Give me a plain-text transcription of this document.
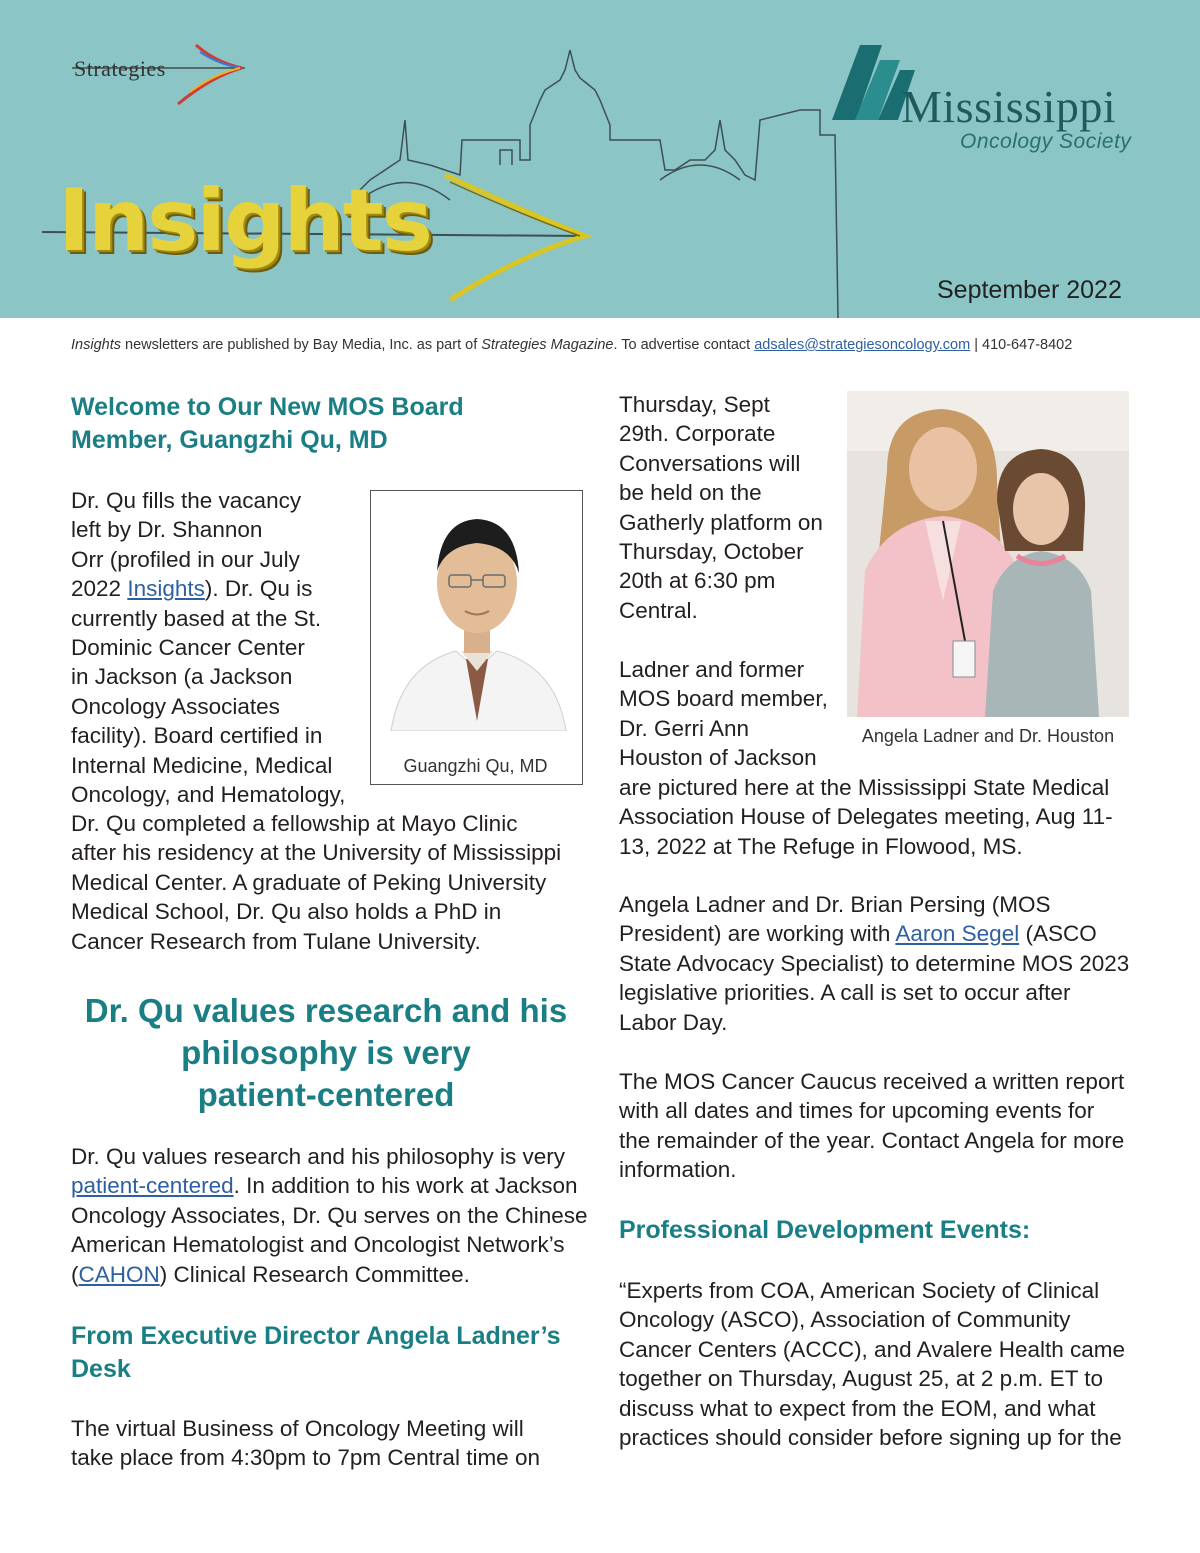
Strategies
Insights
Mississippi
Oncology Society
September 2022
Insights newsletters are published by Bay Media, Inc. as part of Strategies Magazine. To advertise contact adsales@strategiesoncology.com | 410-647-8402
Welcome to Our New MOS Board Member, Guangzhi Qu, MD
Guangzhi Qu, MD

Dr. Qu fills the vacancy

left by Dr. Shannon

Orr (profiled in our July

2022 Insights). Dr. Qu is

currently based at the St.

Dominic Cancer Center

in Jackson (a Jackson

Oncology Associates

facility). Board certified in

Internal Medicine, Medical

Oncology, and Hematology,

Dr. Qu completed a fellowship at Mayo Clinic

after his residency at the University of Mississippi

Medical Center. A graduate of Peking University

Medical School, Dr. Qu also holds a PhD in

Cancer Research from Tulane University.

Dr. Qu values research and his

philosophy is very

patient-centered

Dr. Qu values research and his philosophy is very

patient-centered. In addition to his work at Jackson

Oncology Associates, Dr. Qu serves on the Chinese

American Hematologist and Oncologist Network’s

(CAHON) Clinical Research Committee.

From Executive Director Angela Ladner’s Desk

The virtual Business of Oncology Meeting will

take place from 4:30pm to 7pm Central time on

Thursday, Sept

29th. Corporate

Conversations will

be held on the

Gatherly platform on

Thursday, October

20th at 6:30 pm

Central.

Angela Ladner and Dr. Houston

Ladner and former

MOS board member,

Dr. Gerri Ann

Houston of Jackson

are pictured here at the Mississippi State Medical

Association House of Delegates meeting, Aug 11-

13, 2022 at The Refuge in Flowood, MS.

Angela Ladner and Dr. Brian Persing (MOS

President) are working with Aaron Segel (ASCO

State Advocacy Specialist) to determine MOS 2023

legislative priorities. A call is set to occur after

Labor Day.

The MOS Cancer Caucus received a written report

with all dates and times for upcoming events for

the remainder of the year. Contact Angela for more

information.

Professional Development Events:

“Experts from COA, American Society of Clinical

Oncology (ASCO), Association of Community

Cancer Centers (ACCC), and Avalere Health came

together on Thursday, August 25, at 2 p.m. ET to

discuss what to expect from the EOM, and what

practices should consider before signing up for the
